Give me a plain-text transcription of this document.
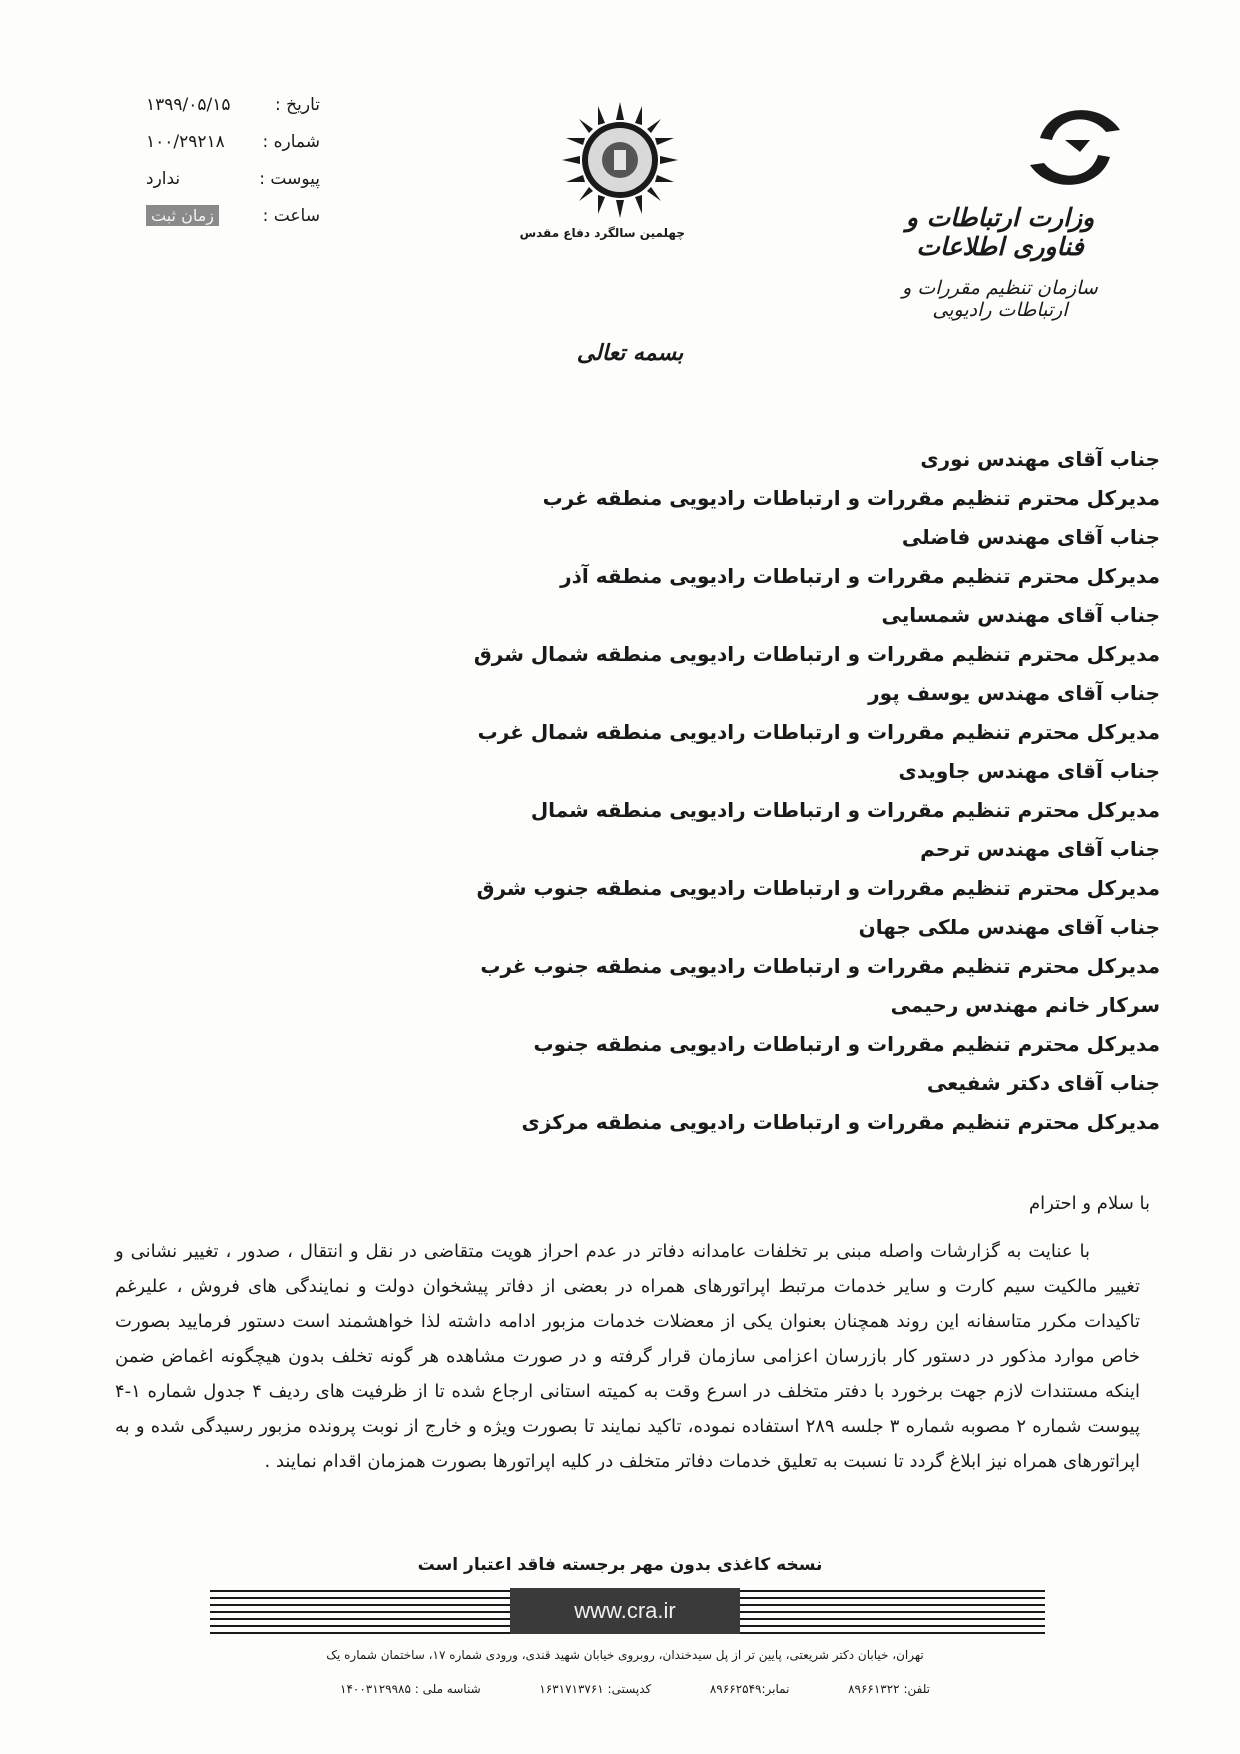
وزارت ارتباطات و فناوری اطلاعات
سازمان تنظیم مقررات و ارتباطات رادیویی
چهلمین سالگرد دفاع مقدس
تاریخ :
۱۳۹۹/۰۵/۱۵
شماره :
۱۰۰/۲۹۲۱۸
پیوست :
ندارد
ساعت :
زمان ثبت
بسمه تعالی
جناب آقای مهندس نوری
مدیرکل محترم تنظیم مقررات و ارتباطات رادیویی منطقه غرب
جناب آقای مهندس فاضلی
مدیرکل محترم تنظیم مقررات و ارتباطات رادیویی منطقه آذر
جناب آقای مهندس شمسایی
مدیرکل محترم تنظیم مقررات و ارتباطات رادیویی منطقه شمال شرق
جناب آقای مهندس یوسف پور
مدیرکل محترم تنظیم مقررات و ارتباطات رادیویی منطقه شمال غرب
جناب آقای مهندس جاویدی
مدیرکل محترم تنظیم مقررات و ارتباطات رادیویی منطقه شمال
جناب آقای مهندس ترحم
مدیرکل محترم تنظیم مقررات و ارتباطات رادیویی منطقه جنوب شرق
جناب آقای مهندس ملکی جهان
مدیرکل محترم تنظیم مقررات و ارتباطات رادیویی منطقه جنوب غرب
سرکار خانم مهندس رحیمی
مدیرکل محترم تنظیم مقررات و ارتباطات رادیویی منطقه جنوب
جناب آقای دکتر شفیعی
مدیرکل محترم تنظیم مقررات و ارتباطات رادیویی منطقه مرکزی
با سلام و احترام
با عنایت به گزارشات واصله مبنی بر تخلفات عامدانه دفاتر در عدم احراز هویت متقاضی در نقل و انتقال ، صدور ، تغییر نشانی و تغییر مالکیت سیم کارت و سایر خدمات مرتبط اپراتورهای همراه در بعضی از دفاتر پیشخوان دولت و نمایندگی های فروش ، علیرغم تاکیدات مکرر متاسفانه این روند همچنان بعنوان یکی از معضلات خدمات مزبور ادامه داشته لذا خواهشمند است دستور فرمایید بصورت خاص موارد مذکور در دستور کار بازرسان اعزامی سازمان قرار گرفته و در صورت مشاهده هر گونه تخلف بدون هیچگونه اغماض ضمن اینکه مستندات لازم جهت برخورد با دفتر متخلف در اسرع وقت به کمیته استانی ارجاع شده تا از ظرفیت های ردیف ۴ جدول شماره ۱-۴ پیوست شماره ۲ مصوبه شماره ۳ جلسه ۲۸۹ استفاده نموده، تاکید نمایند تا بصورت ویژه و خارج از نوبت پرونده مزبور رسیدگی شده و به اپراتورهای همراه نیز ابلاغ گردد تا نسبت به تعلیق خدمات دفاتر متخلف در کلیه اپراتورها بصورت همزمان اقدام نمایند .
نسخه کاغذی بدون مهر برجسته فاقد اعتبار است
www.cra.ir
تهران، خیابان دکتر شریعتی، پایین تر از پل سیدخندان، روبروی خیابان شهید قندی، ورودی شماره ۱۷، ساختمان شماره یک
تلفن: ۸۹۶۶۱۳۲۲
نمابر:۸۹۶۶۲۵۴۹
کدپستی: ۱۶۳۱۷۱۳۷۶۱
شناسه ملی : ۱۴۰۰۳۱۲۹۹۸۵
